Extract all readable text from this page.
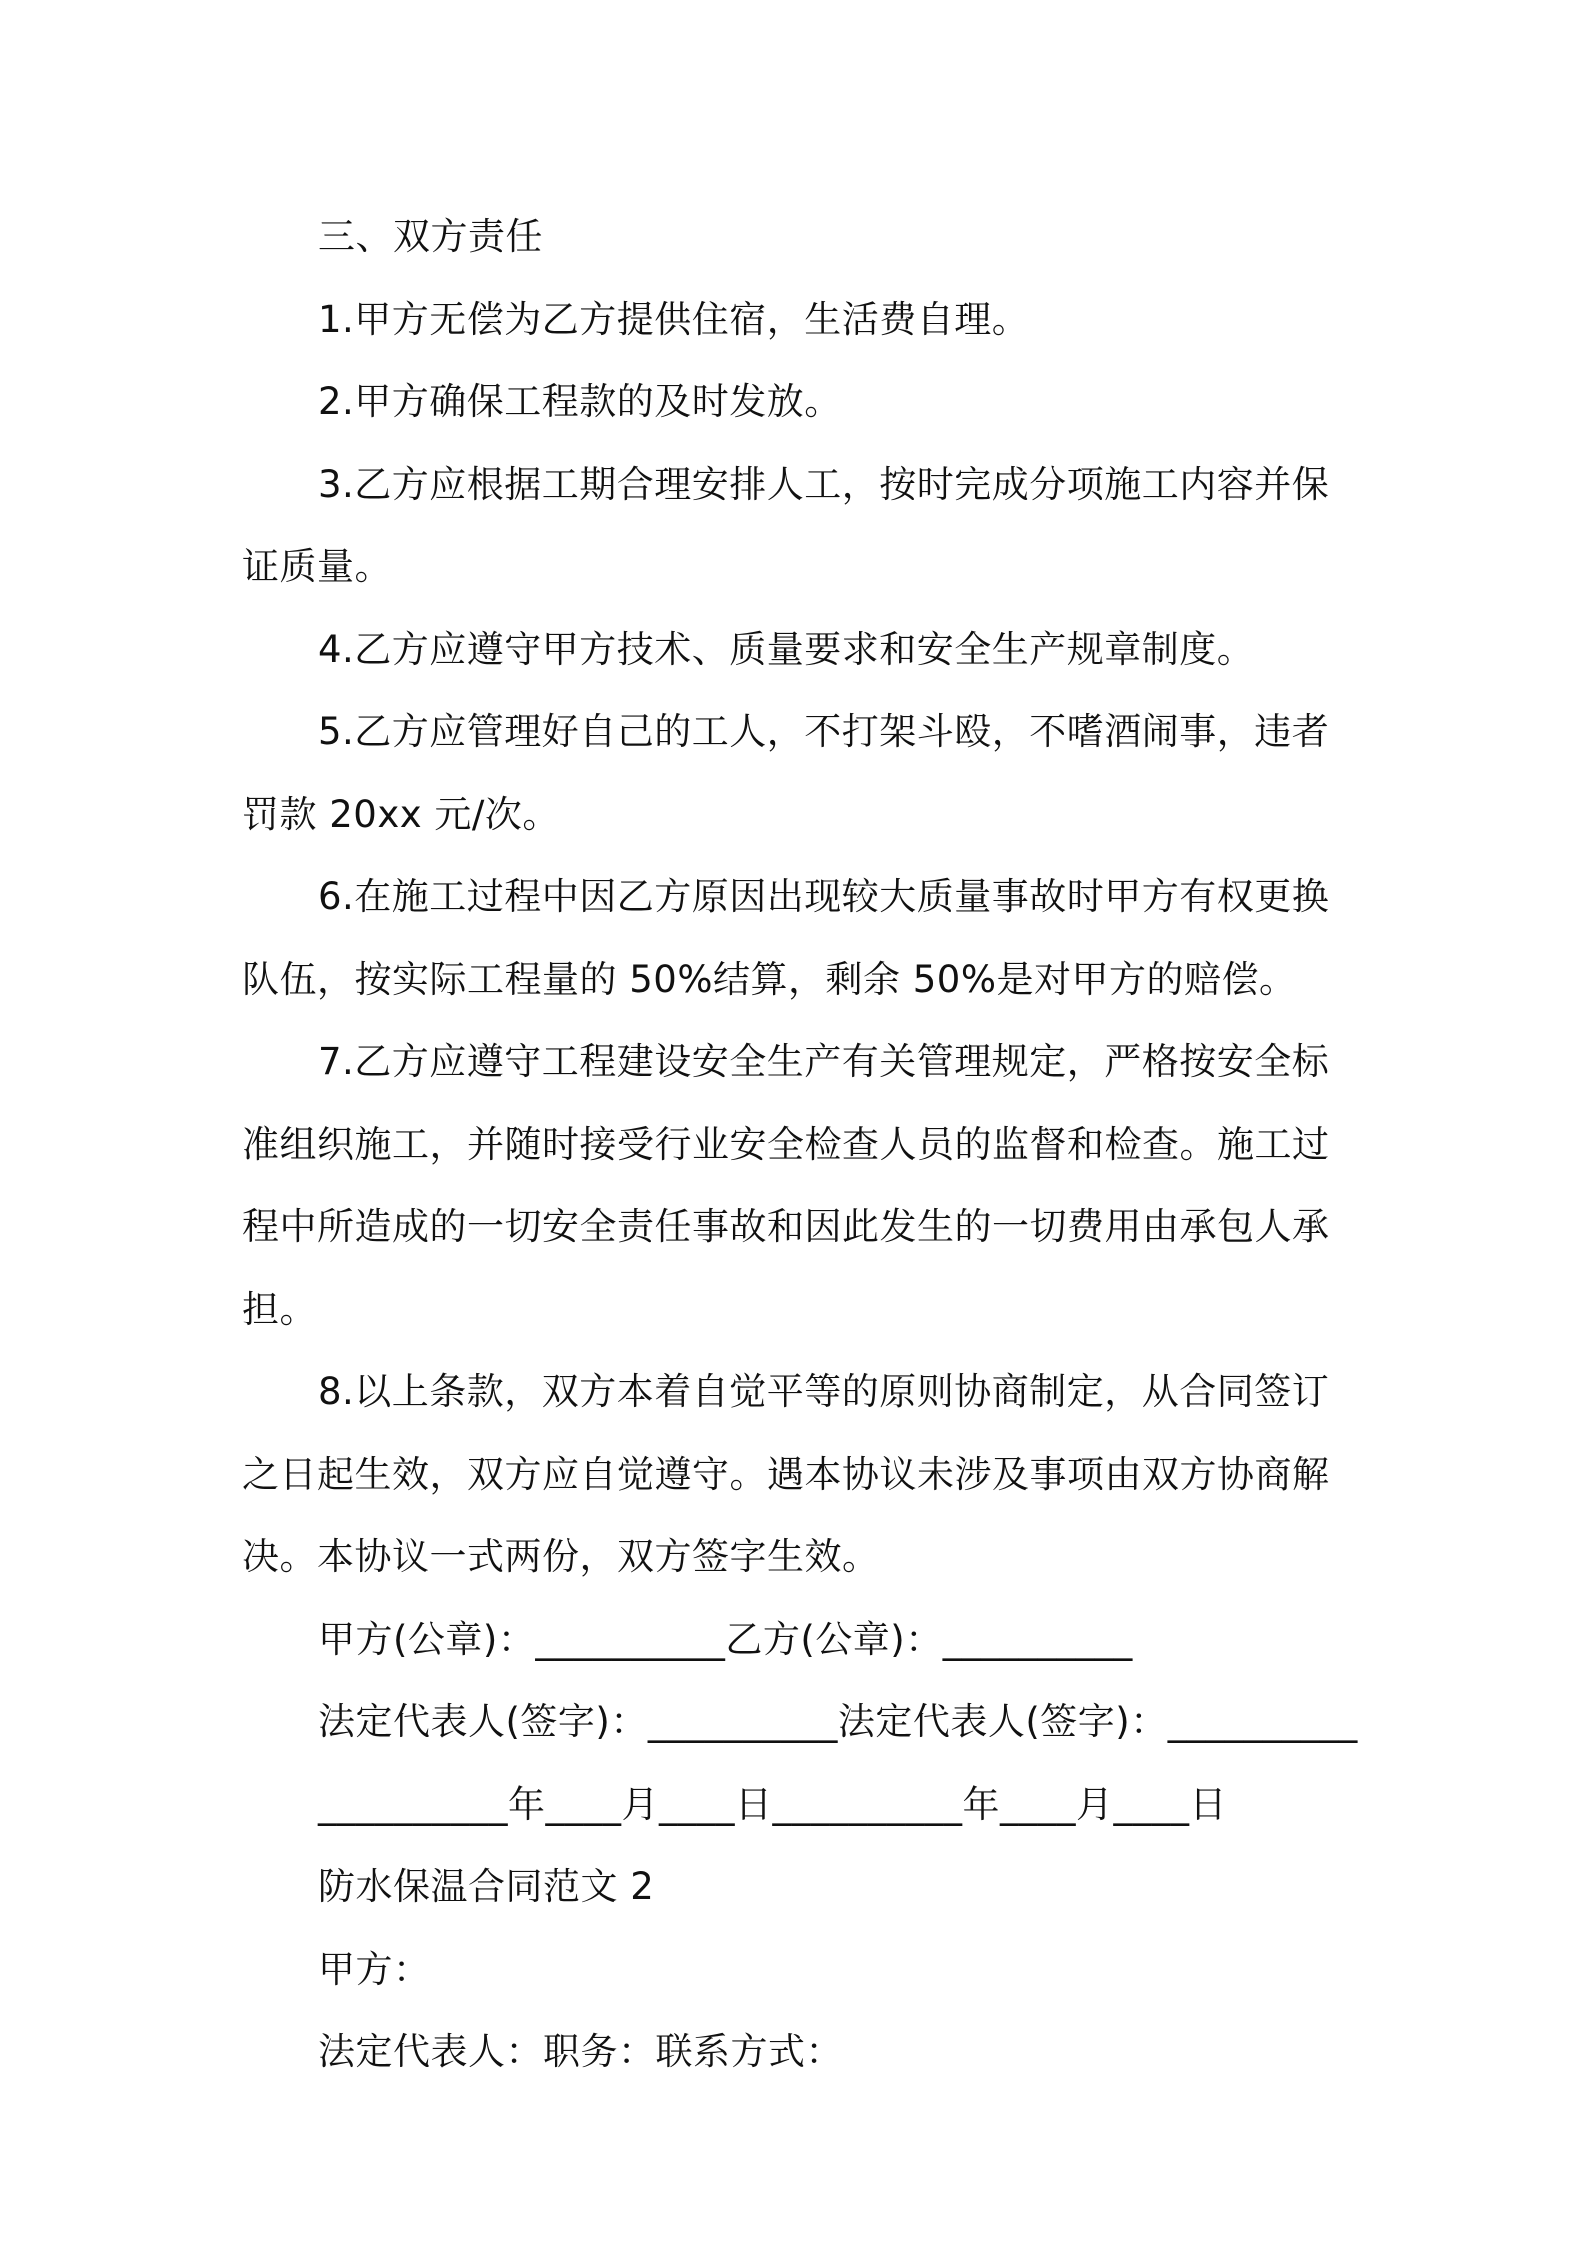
三、双方责任

1.甲方无偿为乙方提供住宿，生活费自理。

2.甲方确保工程款的及时发放。

3.乙方应根据工期合理安排人工，按时完成分项施工内容并保证质量。

4.乙方应遵守甲方技术、质量要求和安全生产规章制度。

5.乙方应管理好自己的工人，不打架斗殴，不嗜酒闹事，违者罚款 20xx 元/次。

6.在施工过程中因乙方原因出现较大质量事故时甲方有权更换队伍，按实际工程量的 50%结算，剩余 50%是对甲方的赔偿。

7.乙方应遵守工程建设安全生产有关管理规定，严格按安全标准组织施工，并随时接受行业安全检查人员的监督和检查。施工过程中所造成的一切安全责任事故和因此发生的一切费用由承包人承担。

8.以上条款，双方本着自觉平等的原则协商制定，从合同签订之日起生效，双方应自觉遵守。遇本协议未涉及事项由双方协商解决。本协议一式两份，双方签字生效。

甲方(公章)：__________乙方(公章)：__________

法定代表人(签字)：__________法定代表人(签字)：__________

__________年____月____日__________年____月____日

防水保温合同范文 2

甲方：

法定代表人：职务：联系方式：
